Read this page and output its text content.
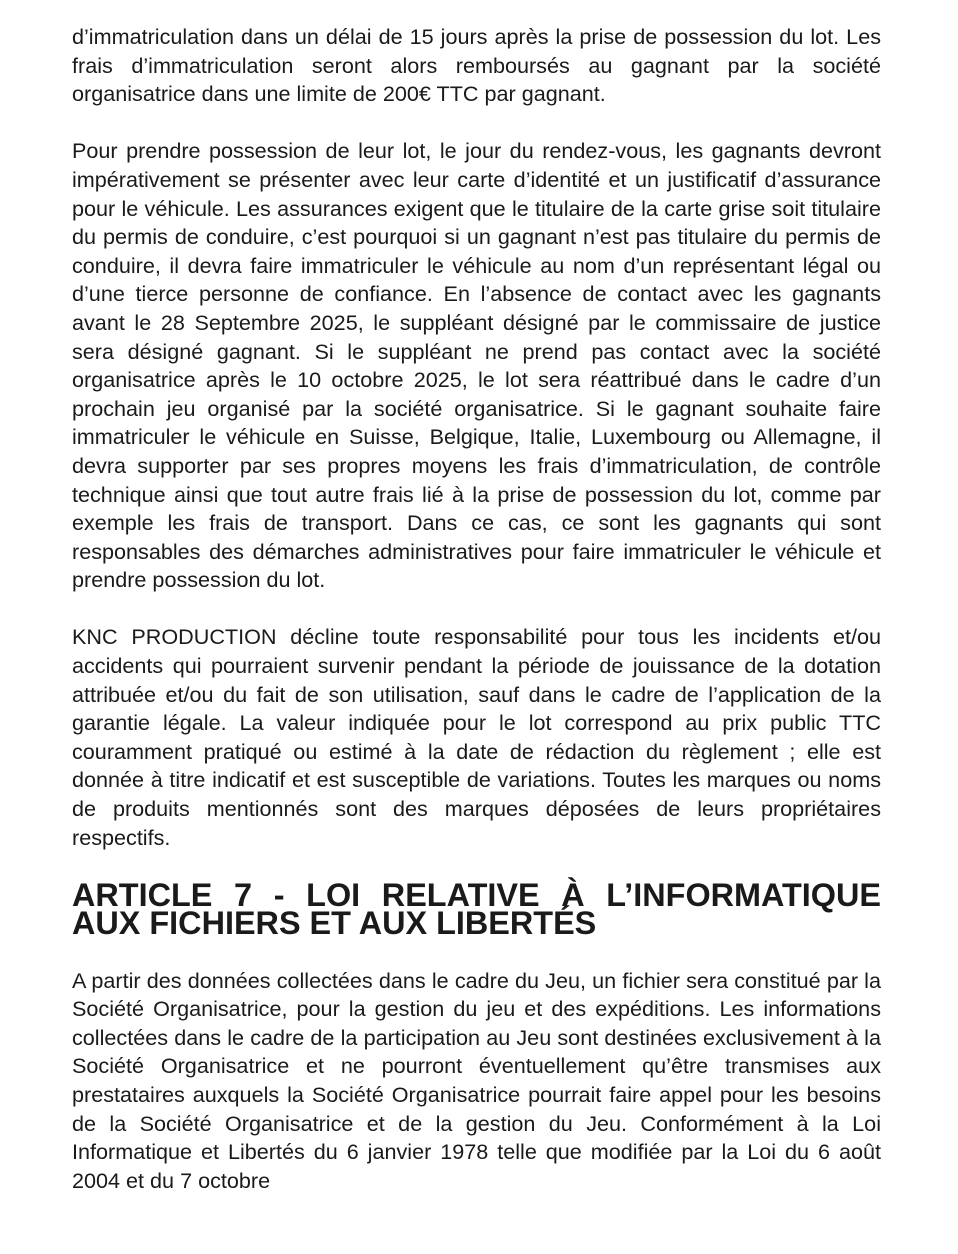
d’immatriculation dans un délai de 15 jours après la prise de possession du lot. Les frais d’immatriculation seront alors remboursés au gagnant par la société organisatrice dans une limite de 200€ TTC par gagnant.

Pour prendre possession de leur lot, le jour du rendez-vous, les gagnants devront impérativement se présenter avec leur carte d’identité et un justificatif d’assurance pour le véhicule. Les assurances exigent que le titulaire de la carte grise soit titulaire du permis de conduire, c’est pourquoi si un gagnant n’est pas titulaire du permis de conduire, il devra faire immatriculer le véhicule au nom d’un représentant légal ou d’une tierce personne de confiance. En l’absence de contact avec les gagnants avant le 28 Septembre 2025, le suppléant désigné par le commissaire de justice sera désigné gagnant. Si le suppléant ne prend pas contact avec la société organisatrice après le 10 octobre 2025, le lot sera réattribué dans le cadre d’un prochain jeu organisé par la société organisatrice. Si le gagnant souhaite faire immatriculer le véhicule en Suisse, Belgique, Italie, Luxembourg ou Allemagne, il devra supporter par ses propres moyens les frais d’immatriculation, de contrôle technique ainsi que tout autre frais lié à la prise de possession du lot, comme par exemple les frais de transport. Dans ce cas, ce sont les gagnants qui sont responsables des démarches administratives pour faire immatriculer le véhicule et prendre possession du lot.

KNC PRODUCTION décline toute responsabilité pour tous les incidents et/ou accidents qui pourraient survenir pendant la période de jouissance de la dotation attribuée et/ou du fait de son utilisation, sauf dans le cadre de l’application de la garantie légale. La valeur indiquée pour le lot correspond au prix public TTC couramment pratiqué ou estimé à la date de rédaction du règlement ; elle est donnée à titre indicatif et est susceptible de variations. Toutes les marques ou noms de produits mentionnés sont des marques déposées de leurs propriétaires respectifs.

ARTICLE 7 - LOI RELATIVE À L’INFORMATIQUE AUX FICHIERS ET AUX LIBERTÉS

A partir des données collectées dans le cadre du Jeu, un fichier sera constitué par la Société Organisatrice, pour la gestion du jeu et des expéditions. Les informations collectées dans le cadre de la participation au Jeu sont destinées exclusivement à la Société Organisatrice et ne pourront éventuellement qu’être transmises aux prestataires auxquels la Société Organisatrice pourrait faire appel pour les besoins de la Société Organisatrice et de la gestion du Jeu. Conformément à la Loi Informatique et Libertés du 6 janvier 1978 telle que modifiée par la Loi du 6 août 2004 et du 7 octobre
